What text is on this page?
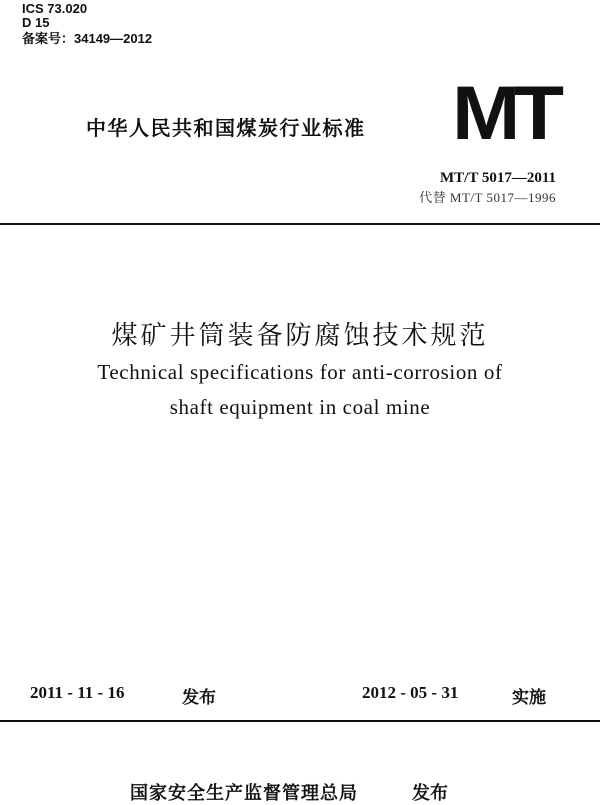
ICS 73.020
D 15
备案号：34149—2012
中华人民共和国煤炭行业标准 MT
MT/T 5017—2011
代替 MT/T 5017—1996
煤矿井筒装备防腐蚀技术规范
Technical specifications for anti-corrosion of
shaft equipment in coal mine
2011 - 11 - 16	发布	2012 - 05 - 31	实施
国家安全生产监督管理总局	发布
